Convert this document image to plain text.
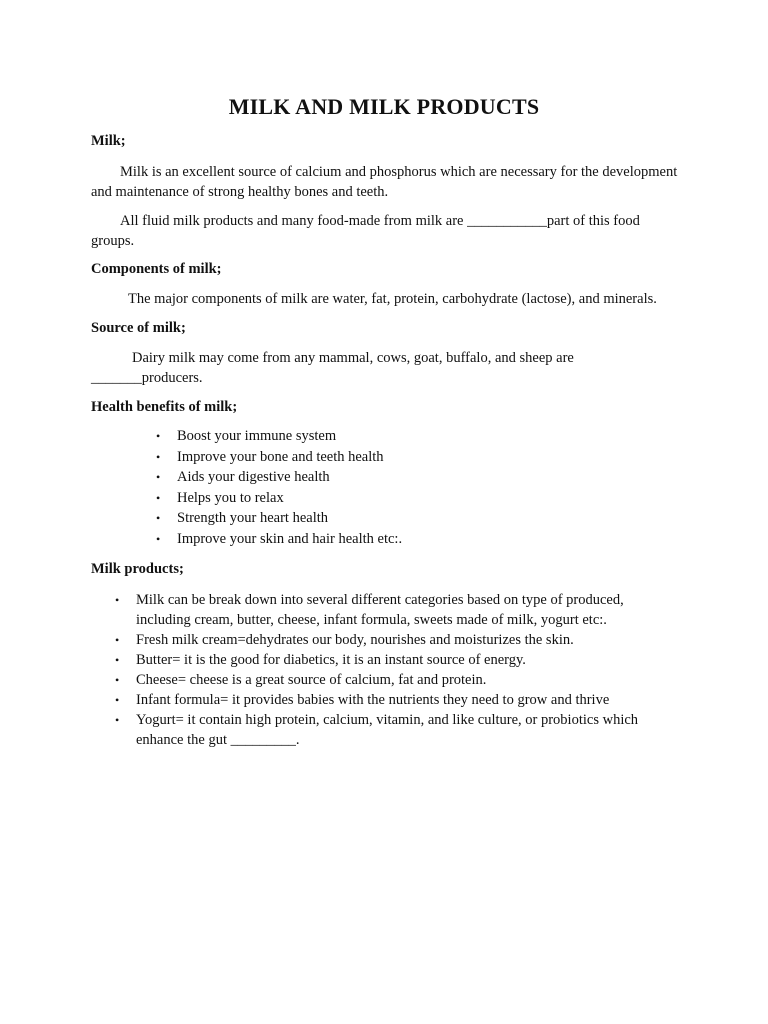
MILK AND MILK PRODUCTS
Milk;
Milk is an excellent source of calcium and phosphorus which are necessary for the development and maintenance of strong healthy bones and teeth.
All fluid milk products and many food-made from milk are ___________part of this food groups.
Components of milk;
The major components of milk are water, fat, protein, carbohydrate (lactose), and minerals.
Source of milk;
Dairy milk may come from any mammal, cows, goat, buffalo, and sheep are _______producers.
Health benefits of milk;
• Boost your immune system
• Improve your bone and teeth health
• Aids your digestive health
• Helps you to relax
• Strength your heart health
• Improve your skin and hair health etc:.
Milk products;
• Milk can be break down into several different categories based on type of produced, including cream, butter, cheese, infant formula, sweets made of milk, yogurt etc:.
• Fresh milk cream=dehydrates our body, nourishes and moisturizes the skin.
• Butter= it is the good for diabetics, it is an instant source of energy.
• Cheese= cheese is a great source of calcium, fat and protein.
• Infant formula= it provides babies with the nutrients they need to grow and thrive
• Yogurt= it contain high protein, calcium, vitamin, and like culture, or probiotics which enhance the gut _________.
